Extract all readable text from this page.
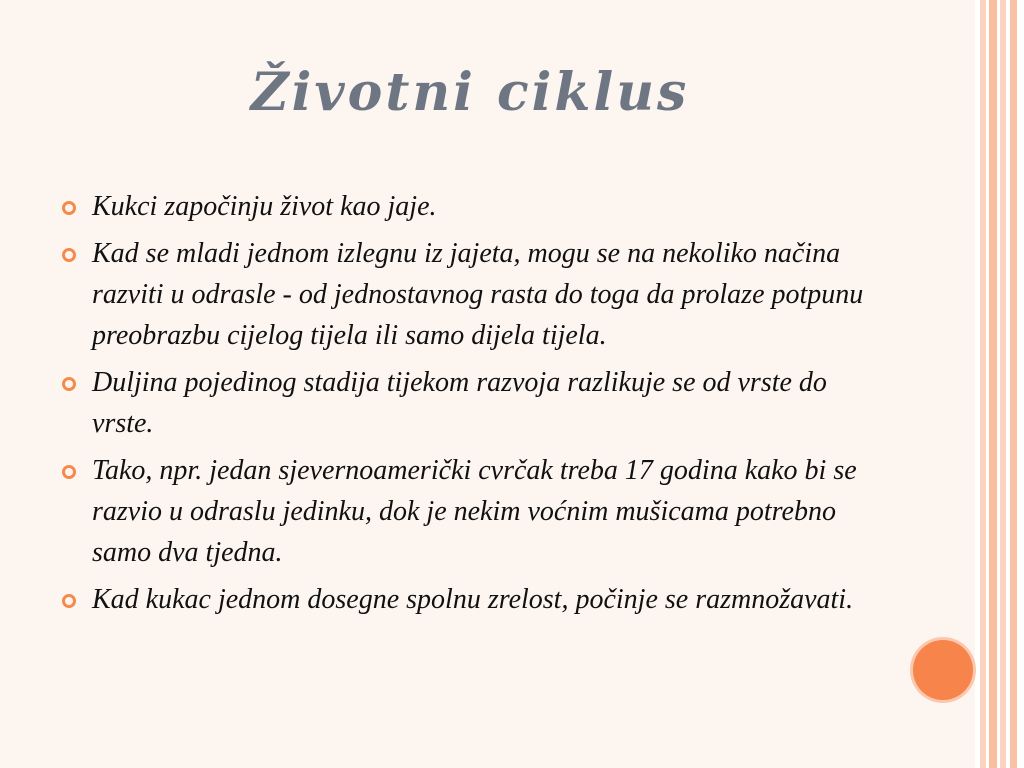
Životni ciklus
Kukci započinju život kao jaje.
Kad se mladi jednom izlegnu iz jajeta, mogu se na nekoliko načina razviti u odrasle - od jednostavnog rasta do toga da prolaze potpunu preobrazbu cijelog tijela ili samo dijela tijela.
Duljina pojedinog stadija tijekom razvoja razlikuje se od vrste do vrste.
Tako, npr. jedan sjevernoamerički cvrčak treba 17 godina kako bi se razvio u odraslu jedinku, dok je nekim voćnim mušicama potrebno samo dva tjedna.
Kad kukac jednom dosegne spolnu zrelost, počinje se razmnožavati.
